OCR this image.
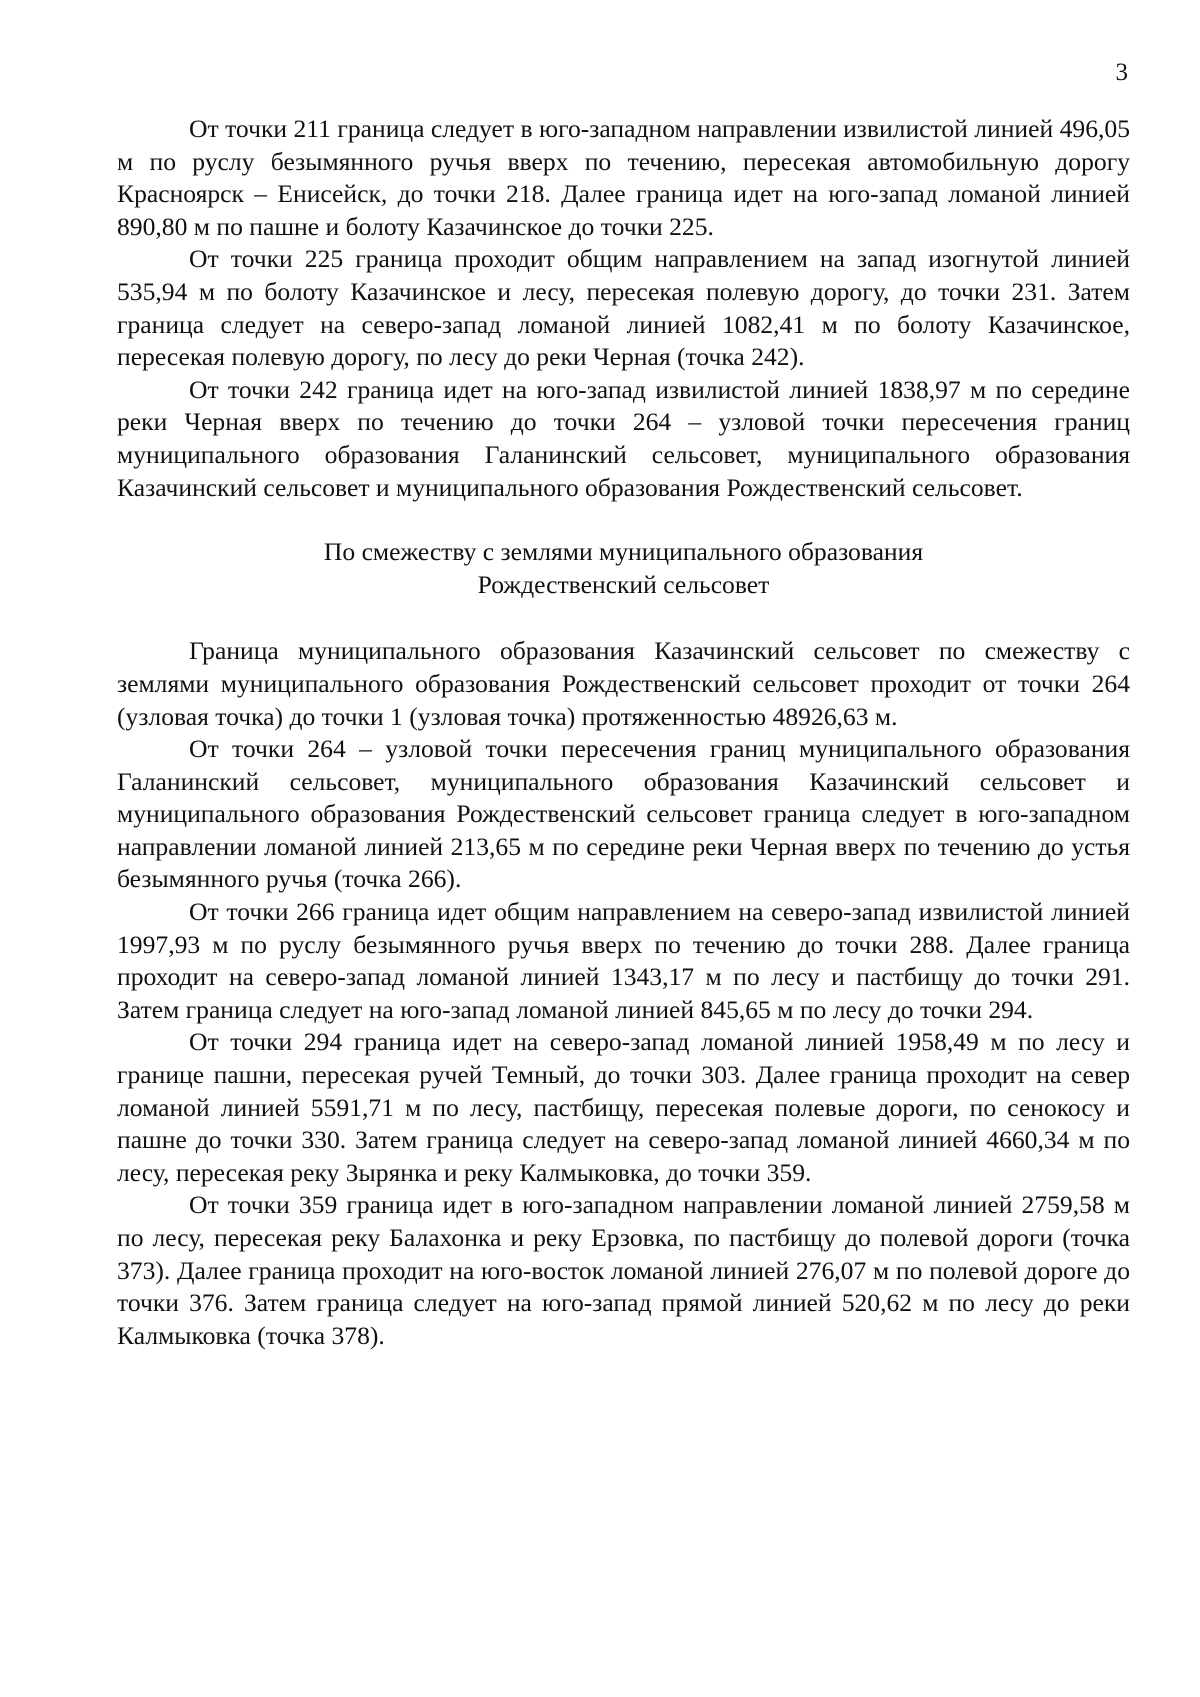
3

От точки 211 граница следует в юго-западном направлении извилистой линией 496,05 м по руслу безымянного ручья вверх по течению, пересекая автомобильную дорогу Красноярск – Енисейск, до точки 218. Далее граница идет на юго-запад ломаной линией 890,80 м по пашне и болоту Казачинское до точки 225.

От точки 225 граница проходит общим направлением на запад изогнутой линией 535,94 м по болоту Казачинское и лесу, пересекая полевую дорогу, до точки 231. Затем граница следует на северо-запад ломаной линией 1082,41 м по болоту Казачинское, пересекая полевую дорогу, по лесу до реки Черная (точка 242).

От точки 242 граница идет на юго-запад извилистой линией 1838,97 м по середине реки Черная вверх по течению до точки 264 – узловой точки пересечения границ муниципального образования Галанинский сельсовет, муниципального образования Казачинский сельсовет и муниципального образования Рождественский сельсовет.

По смежеству с землями муниципального образования
Рождественский сельсовет

Граница муниципального образования Казачинский сельсовет по смежеству с землями муниципального образования Рождественский сельсовет проходит от точки 264 (узловая точка) до точки 1 (узловая точка) протяженностью 48926,63 м.

От точки 264 – узловой точки пересечения границ муниципального образования Галанинский сельсовет, муниципального образования Казачинский сельсовет и муниципального образования Рождественский сельсовет граница следует в юго-западном направлении ломаной линией 213,65 м по середине реки Черная вверх по течению до устья безымянного ручья (точка 266).

От точки 266 граница идет общим направлением на северо-запад извилистой линией 1997,93 м по руслу безымянного ручья вверх по течению до точки 288. Далее граница проходит на северо-запад ломаной линией 1343,17 м по лесу и пастбищу до точки 291. Затем граница следует на юго-запад ломаной линией 845,65 м по лесу до точки 294.

От точки 294 граница идет на северо-запад ломаной линией 1958,49 м по лесу и границе пашни, пересекая ручей Темный, до точки 303. Далее граница проходит на север ломаной линией 5591,71 м по лесу, пастбищу, пересекая полевые дороги, по сенокосу и пашне до точки 330. Затем граница следует на северо-запад ломаной линией 4660,34 м по лесу, пересекая реку Зырянка и реку Калмыковка, до точки 359.

От точки 359 граница идет в юго-западном направлении ломаной линией 2759,58 м по лесу, пересекая реку Балахонка и реку Ерзовка, по пастбищу до полевой дороги (точка 373). Далее граница проходит на юго-восток ломаной линией 276,07 м по полевой дороге до точки 376. Затем граница следует на юго-запад прямой линией 520,62 м по лесу до реки Калмыковка (точка 378).
